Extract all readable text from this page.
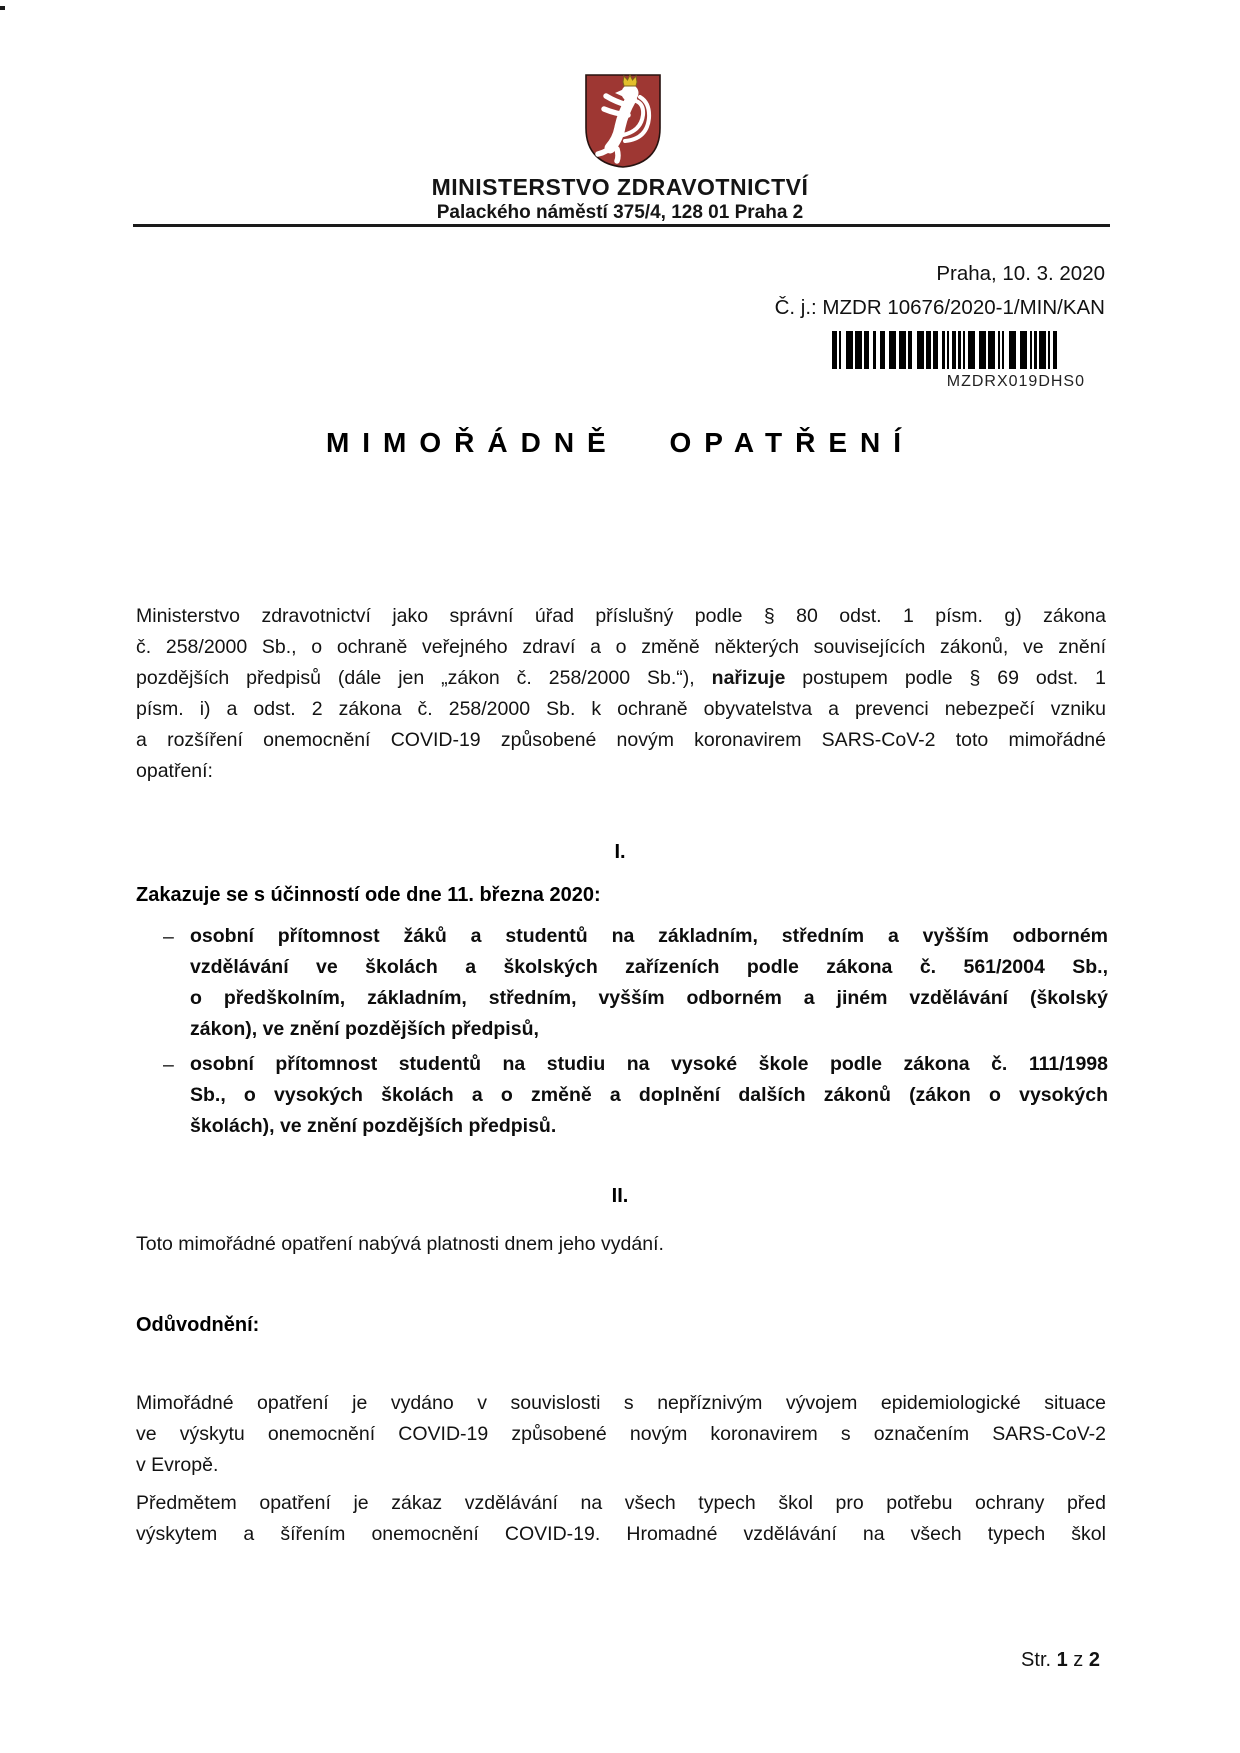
MINISTERSTVO ZDRAVOTNICTVÍ
Palackého náměstí 375/4, 128 01 Praha 2
Praha, 10. 3. 2020
Č. j.: MZDR 10676/2020-1/MIN/KAN
MZDRX019DHS0
MIMOŘÁDNĚ OPATŘENÍ
Ministerstvo zdravotnictví jako správní úřad příslušný podle § 80 odst. 1 písm. g) zákona
č. 258/2000 Sb., o ochraně veřejného zdraví a o změně některých souvisejících zákonů, ve znění
pozdějších předpisů (dále jen „zákon č. 258/2000 Sb.“), nařizuje postupem podle § 69 odst. 1
písm. i) a odst. 2 zákona č. 258/2000 Sb. k ochraně obyvatelstva a prevenci nebezpečí vzniku
a rozšíření onemocnění COVID-19 způsobené novým koronavirem SARS-CoV-2 toto mimořádné
opatření:
I.
Zakazuje se s účinností ode dne 11. března 2020:
– osobní přítomnost žáků a studentů na základním, středním a vyšším odborném
vzdělávání ve školách a školských zařízeních podle zákona č. 561/2004 Sb.,
o předškolním, základním, středním, vyšším odborném a jiném vzdělávání (školský
zákon), ve znění pozdějších předpisů,
– osobní přítomnost studentů na studiu na vysoké škole podle zákona č. 111/1998
Sb., o vysokých školách a o změně a doplnění dalších zákonů (zákon o vysokých
školách), ve znění pozdějších předpisů.
II.
Toto mimořádné opatření nabývá platnosti dnem jeho vydání.
Odůvodnění:
Mimořádné opatření je vydáno v souvislosti s nepříznivým vývojem epidemiologické situace
ve výskytu onemocnění COVID-19 způsobené novým koronavirem s označením SARS-CoV-2
v Evropě.
Předmětem opatření je zákaz vzdělávání na všech typech škol pro potřebu ochrany před
výskytem a šířením onemocnění COVID-19. Hromadné vzdělávání na všech typech škol
Str. 1 z 2
